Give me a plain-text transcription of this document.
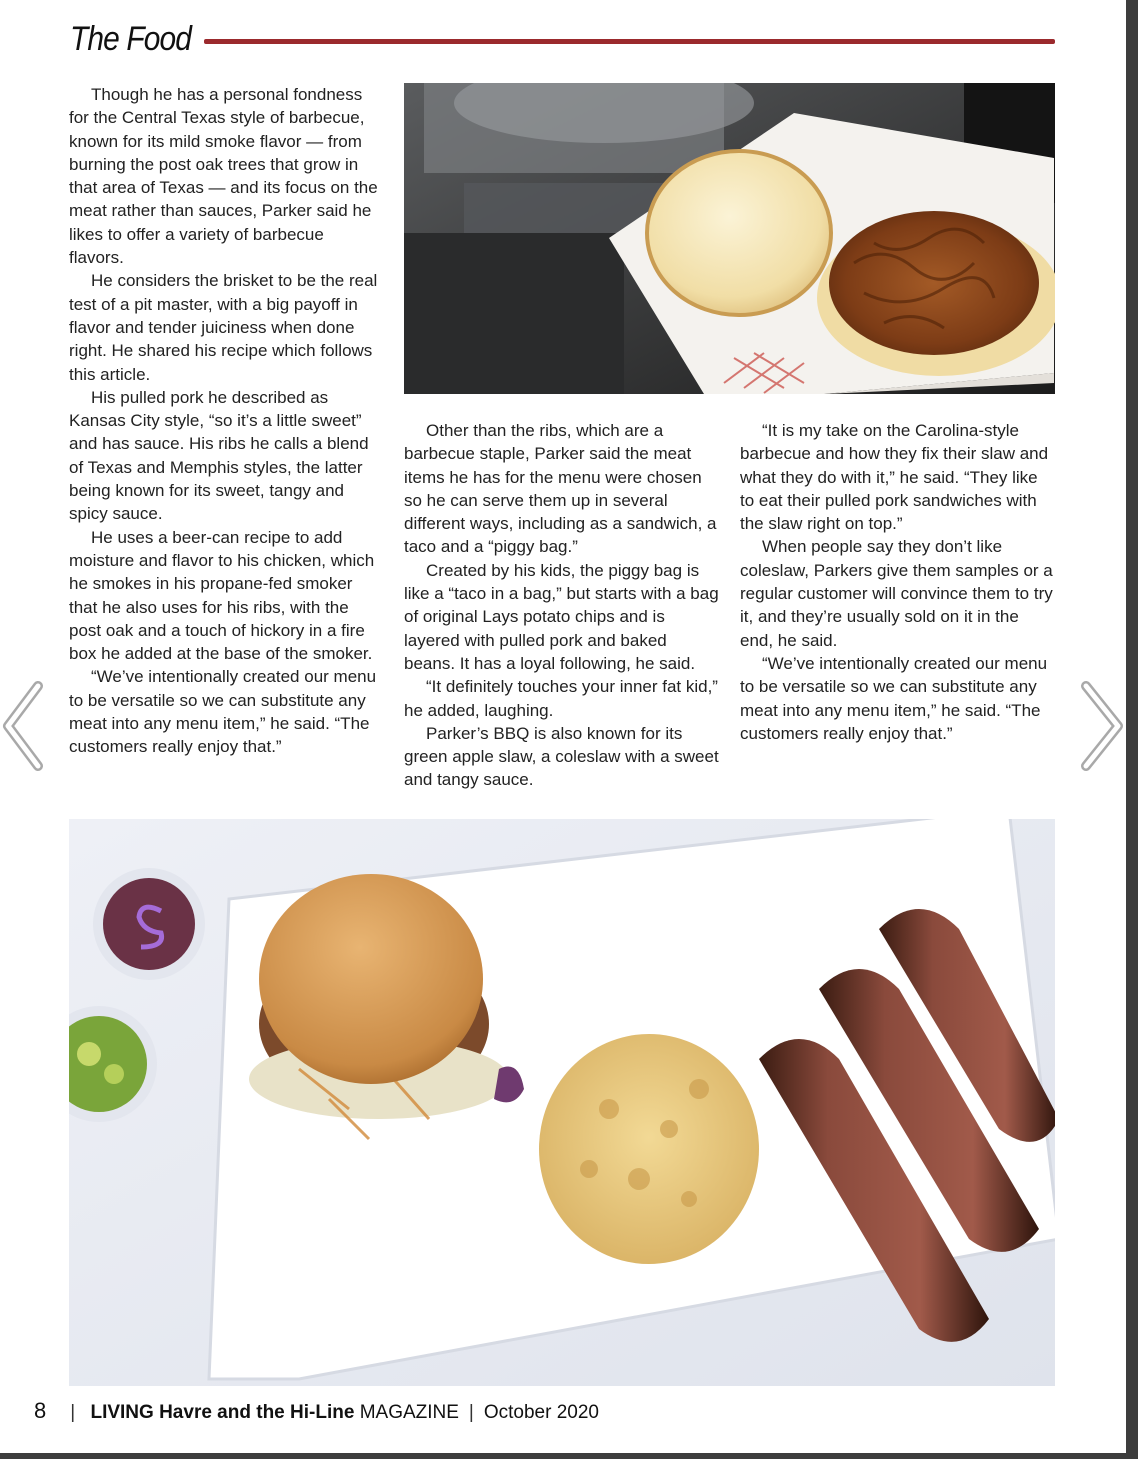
The Food

Though he has a personal fondness for the Central Texas style of barbecue, known for its mild smoke flavor — from burning the post oak trees that grow in that area of Texas — and its focus on the meat rather than sauces, Parker said he likes to offer a variety of barbecue flavors.

He considers the brisket to be the real test of a pit master, with a big payoff in flavor and tender juiciness when done right. He shared his recipe which follows this article.

His pulled pork he described as Kansas City style, “so it’s a little sweet” and has sauce. His ribs he calls a blend of Texas and Memphis styles, the latter being known for its sweet, tangy and spicy sauce.

He uses a beer-can recipe to add moisture and flavor to his chicken, which he smokes in his propane-fed smoker that he also uses for his ribs, with the post oak and a touch of hickory in a fire box he added at the base of the smoker.

“We’ve intentionally created our menu to be versatile so we can substitute any meat into any menu item,” he said. “The customers really enjoy that.”

Other than the ribs, which are a barbecue staple, Parker said the meat items he has for the menu were chosen so he can serve them up in several different ways, including as a sandwich, a taco and a “piggy bag.”

Created by his kids, the piggy bag is like a “taco in a bag,” but starts with a bag of original Lays potato chips and is layered with pulled pork and baked beans. It has a loyal following, he said.

“It definitely touches your inner fat kid,” he added, laughing.

Parker’s BBQ is also known for its green apple slaw, a coleslaw with a sweet and tangy sauce.

“It is my take on the Carolina-style barbecue and how they fix their slaw and what they do with it,” he said. “They like to eat their pulled pork sandwiches with the slaw right on top.”

When people say they don’t like coleslaw, Parkers give them samples or a regular customer will convince them to try it, and they’re usually sold on it in the end, he said.

“We’ve intentionally created our menu to be versatile so we can substitute any meat into any menu item,” he said. “The customers really enjoy that.”

8 | LIVING Havre and the Hi-Line MAGAZINE | October 2020
